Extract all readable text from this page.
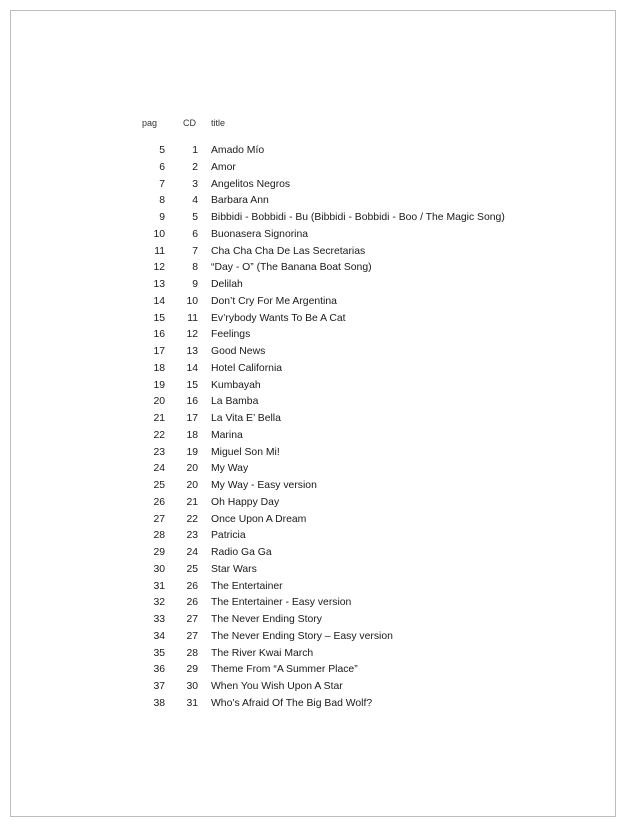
pag	CD	title
5	1 Amado Mío
6	2 Amor
7	3 Angelitos Negros
8	4 Barbara Ann
9	5 Bibbidi - Bobbidi - Bu (Bibbidi - Bobbidi - Boo / The Magic Song)
10	6 Buonasera Signorina
11	7 Cha Cha Cha De Las Secretarias
12	8 “Day - O” (The Banana Boat Song)
13	9 Delilah
14	10 Don’t Cry For Me Argentina
15	11 Ev’rybody Wants To Be A Cat
16	12 Feelings
17	13 Good News
18	14 Hotel California
19	15 Kumbayah
20	16 La Bamba
21	17 La Vita E’ Bella
22	18 Marina
23	19 Miguel Son Mi!
24	20 My Way
25	20 My Way - Easy version
26	21 Oh Happy Day
27	22 Once Upon A Dream
28	23 Patricia
29	24 Radio Ga Ga
30	25 Star Wars
31	26 The Entertainer
32	26 The Entertainer - Easy version
33	27 The Never Ending Story
34	27 The Never Ending Story – Easy version
35	28 The River Kwai March
36	29 Theme From “A Summer Place”
37	30 When You Wish Upon A Star
38	31 Who’s Afraid Of The Big Bad Wolf?
